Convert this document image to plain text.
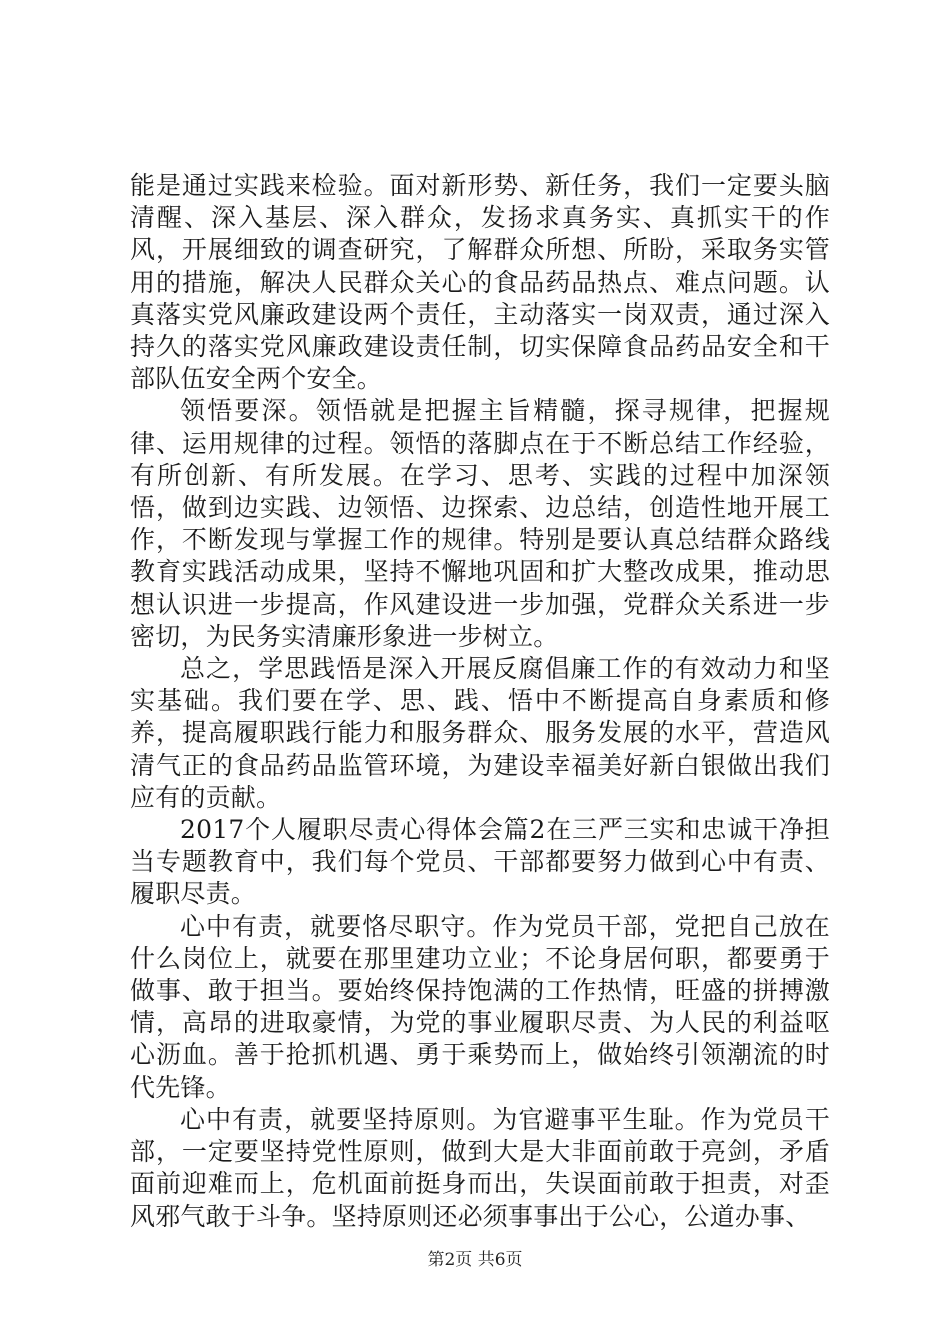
能是通过实践来检验。面对新形势、新任务，我们一定要头脑清醒、深入基层、深入群众，发扬求真务实、真抓实干的作风，开展细致的调查研究，了解群众所想、所盼，采取务实管用的措施，解决人民群众关心的食品药品热点、难点问题。认真落实党风廉政建设两个责任，主动落实一岗双责，通过深入持久的落实党风廉政建设责任制，切实保障食品药品安全和干部队伍安全两个安全。

领悟要深。领悟就是把握主旨精髓，探寻规律，把握规律、运用规律的过程。领悟的落脚点在于不断总结工作经验，有所创新、有所发展。在学习、思考、实践的过程中加深领悟，做到边实践、边领悟、边探索、边总结，创造性地开展工作，不断发现与掌握工作的规律。特别是要认真总结群众路线教育实践活动成果，坚持不懈地巩固和扩大整改成果，推动思想认识进一步提高，作风建设进一步加强，党群众关系进一步密切，为民务实清廉形象进一步树立。

总之，学思践悟是深入开展反腐倡廉工作的有效动力和坚实基础。我们要在学、思、践、悟中不断提高自身素质和修养，提高履职践行能力和服务群众、服务发展的水平，营造风清气正的食品药品监管环境，为建设幸福美好新白银做出我们应有的贡献。

2017个人履职尽责心得体会篇2在三严三实和忠诚干净担当专题教育中，我们每个党员、干部都要努力做到心中有责、履职尽责。

心中有责，就要恪尽职守。作为党员干部，党把自己放在什么岗位上，就要在那里建功立业；不论身居何职，都要勇于做事、敢于担当。要始终保持饱满的工作热情，旺盛的拼搏激情，高昂的进取豪情，为党的事业履职尽责、为人民的利益呕心沥血。善于抢抓机遇、勇于乘势而上，做始终引领潮流的时代先锋。

心中有责，就要坚持原则。为官避事平生耻。作为党员干部，一定要坚持党性原则，做到大是大非面前敢于亮剑，矛盾面前迎难而上，危机面前挺身而出，失误面前敢于担责，对歪风邪气敢于斗争。坚持原则还必须事事出于公心，公道办事、

第2页 共6页
